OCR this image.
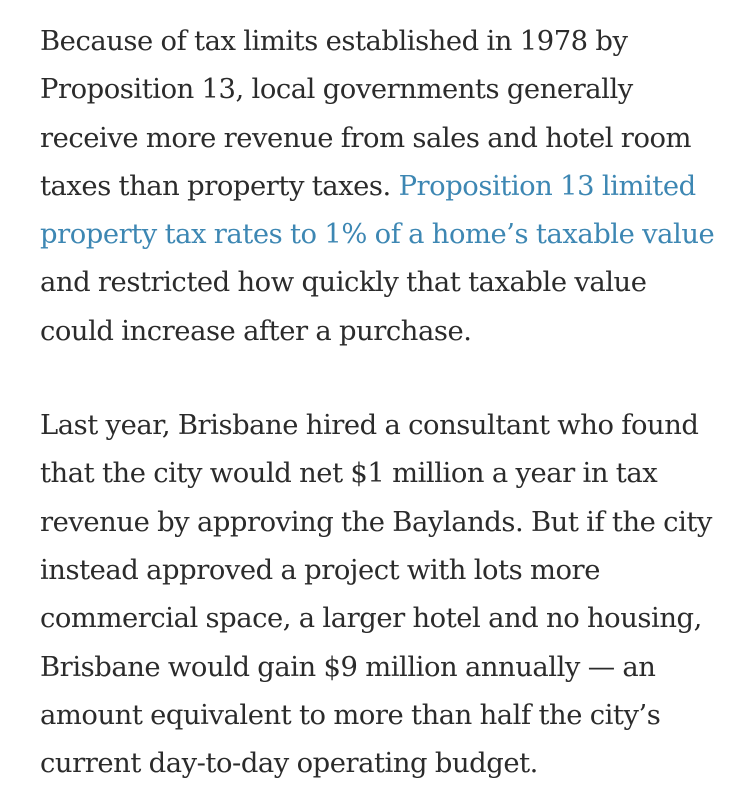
Because of tax limits established in 1978 by
Proposition 13, local governments generally
receive more revenue from sales and hotel room
taxes than property taxes. Proposition 13 limited
property tax rates to 1% of a home’s taxable value
and restricted how quickly that taxable value
could increase after a purchase.

Last year, Brisbane hired a consultant who found
that the city would net $1 million a year in tax
revenue by approving the Baylands. But if the city
instead approved a project with lots more
commercial space, a larger hotel and no housing,
Brisbane would gain $9 million annually — an
amount equivalent to more than half the city’s
current day-to-day operating budget.
